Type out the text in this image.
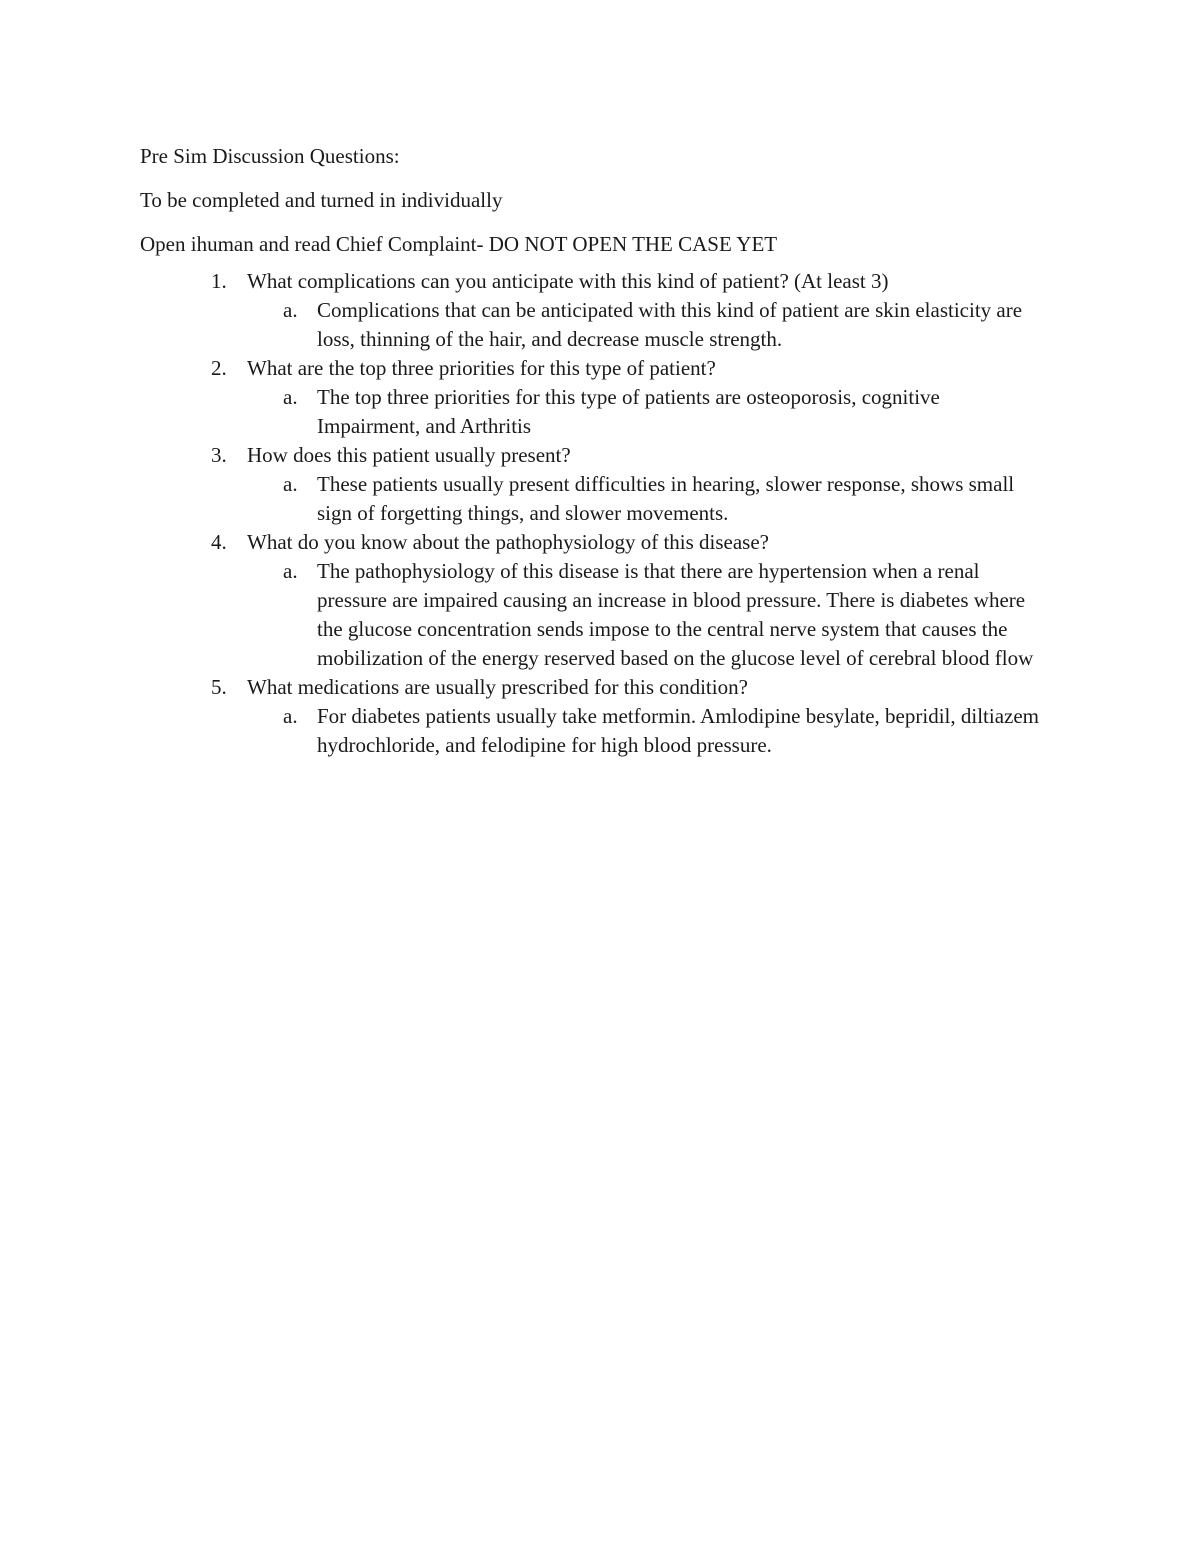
Pre Sim Discussion Questions:

To be completed and turned in individually

Open ihuman and read Chief Complaint- DO NOT OPEN THE CASE YET

1. What complications can you anticipate with this kind of patient? (At least 3)
a. Complications that can be anticipated with this kind of patient are skin elasticity are loss, thinning of the hair, and decrease muscle strength.
2. What are the top three priorities for this type of patient?
a. The top three priorities for this type of patients are osteoporosis, cognitive Impairment, and Arthritis
3. How does this patient usually present?
a. These patients usually present difficulties in hearing, slower response, shows small sign of forgetting things, and slower movements.
4. What do you know about the pathophysiology of this disease?
a. The pathophysiology of this disease is that there are hypertension when a renal pressure are impaired causing an increase in blood pressure. There is diabetes where the glucose concentration sends impose to the central nerve system that causes the mobilization of the energy reserved based on the glucose level of cerebral blood flow
5. What medications are usually prescribed for this condition?
a. For diabetes patients usually take metformin. Amlodipine besylate, bepridil, diltiazem hydrochloride, and felodipine for high blood pressure.
